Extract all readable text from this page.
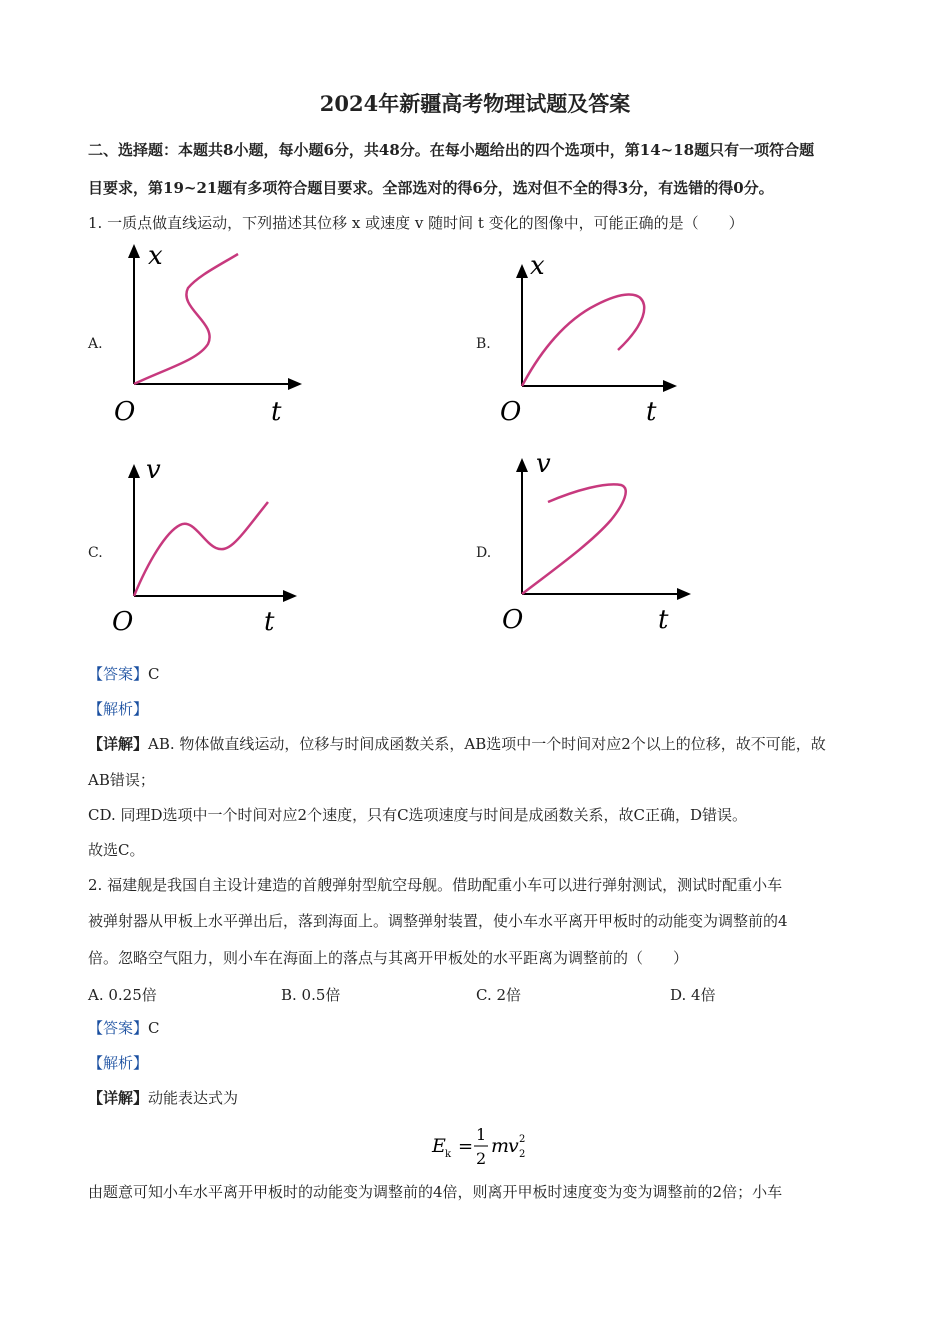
2024年新疆高考物理试题及答案
二、选择题：本题共8小题，每小题6分，共48分。在每小题给出的四个选项中，第14~18题只有一项符合题
目要求，第19~21题有多项符合题目要求。全部选对的得6分，选对但不全的得3分，有选错的得0分。
1. 一质点做直线运动，下列描述其位移 x 或速度 v 随时间 t 变化的图像中，可能正确的是（　　）
A.
x
O	t
B.
x
O	t
C.
v
O	t
D.
v
O	t
【答案】C
【解析】
【详解】AB. 物体做直线运动，位移与时间成函数关系，AB选项中一个时间对应2个以上的位移，故不可能，故
AB错误；
CD. 同理D选项中一个时间对应2个速度，只有C选项速度与时间是成函数关系，故C正确，D错误。
故选C。
2. 福建舰是我国自主设计建造的首艘弹射型航空母舰。借助配重小车可以进行弹射测试，测试时配重小车
被弹射器从甲板上水平弹出后，落到海面上。调整弹射装置，使小车水平离开甲板时的动能变为调整前的4
倍。忽略空气阻力，则小车在海面上的落点与其离开甲板处的水平距离为调整前的（　　）
A. 0.25倍	B. 0.5倍	C. 2倍	D. 4倍
【答案】C
【解析】
【详解】动能表达式为
E k =
1
2
m
v 2
2
由题意可知小车水平离开甲板时的动能变为调整前的4倍，则离开甲板时速度变为变为调整前的2倍；小车
